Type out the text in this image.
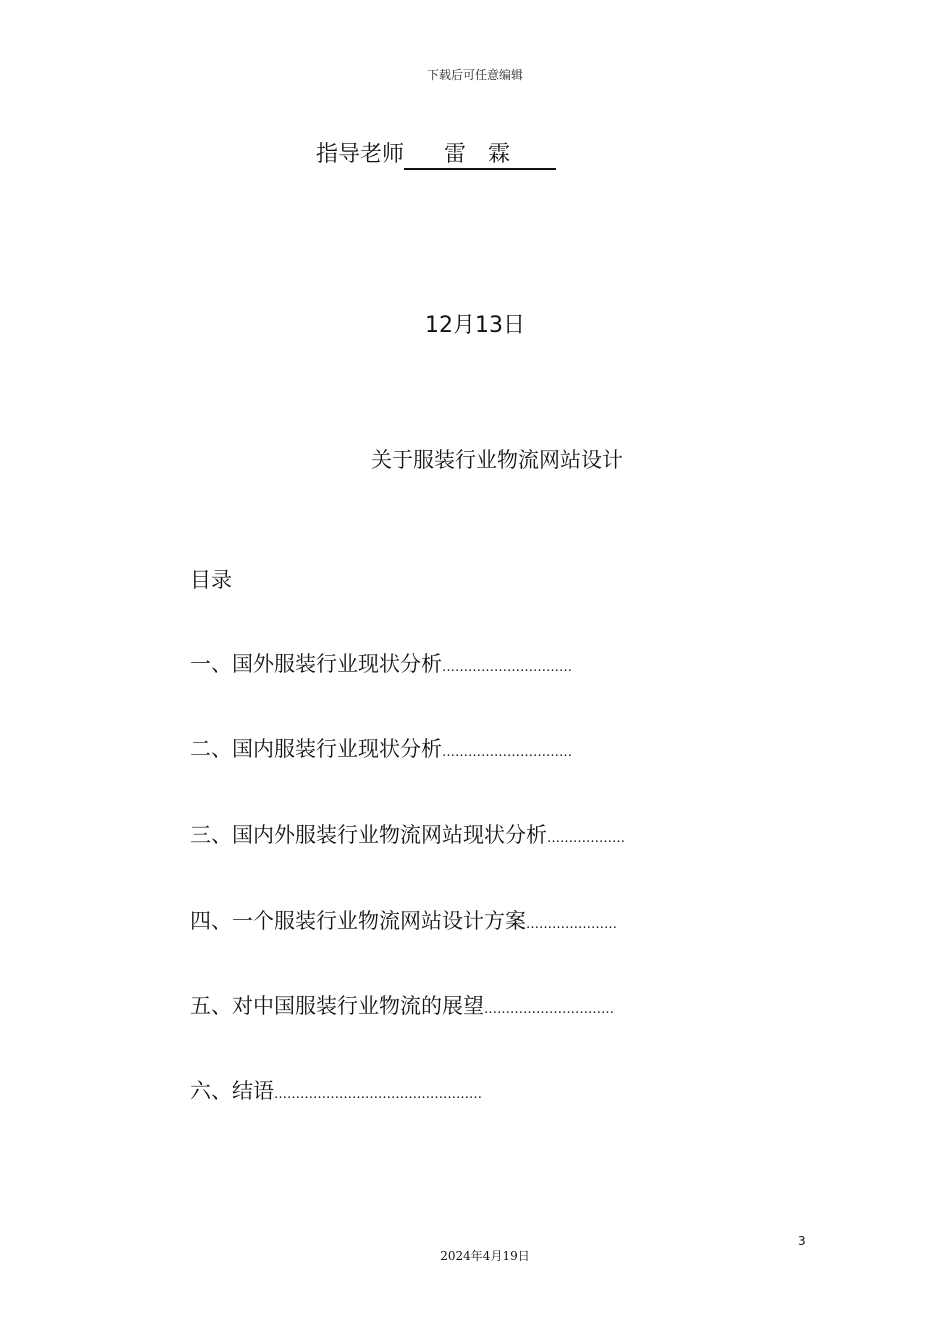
下载后可任意编辑
指导老师 雷　霖
12月13日
关于服装行业物流网站设计
目录
一、国外服装行业现状分析…………………………
二、国内服装行业现状分析…………………………
三、国内外服装行业物流网站现状分析………………
四、一个服装行业物流网站设计方案…………………
五、对中国服装行业物流的展望…………………………
六、结语…………………………………………
3
2024年4月19日
